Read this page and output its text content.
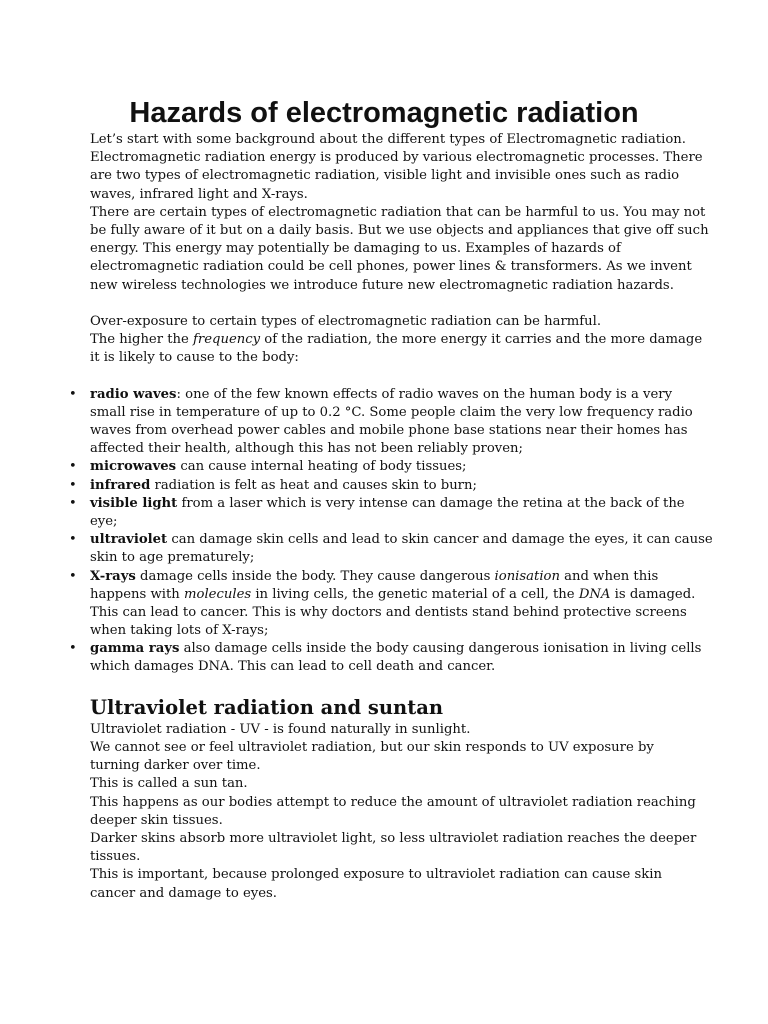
Hazards of electromagnetic radiation
Let’s start with some background about the different types of Electromagnetic radiation.
Electromagnetic radiation energy is produced by various electromagnetic processes. There
are two types of electromagnetic radiation, visible light and invisible ones such as radio
waves, infrared light and X-rays.
There are certain types of electromagnetic radiation that can be harmful to us. You may not
be fully aware of it but on a daily basis. But we use objects and appliances that give off such
energy. This energy may potentially be damaging to us. Examples of hazards of
electromagnetic radiation could be cell phones, power lines & transformers. As we invent
new wireless technologies we introduce future new electromagnetic radiation hazards.
Over-exposure to certain types of electromagnetic radiation can be harmful.
The higher the frequency of the radiation, the more energy it carries and the more damage
it is likely to cause to the body:
• radio waves: one of the few known effects of radio waves on the human body is a very
small rise in temperature of up to 0.2 °C. Some people claim the very low frequency radio
waves from overhead power cables and mobile phone base stations near their homes has
affected their health, although this has not been reliably proven;
• microwaves can cause internal heating of body tissues;
• infrared radiation is felt as heat and causes skin to burn;
• visible light from a laser which is very intense can damage the retina at the back of the
eye;
• ultraviolet can damage skin cells and lead to skin cancer and damage the eyes, it can cause
skin to age prematurely;
• X-rays damage cells inside the body. They cause dangerous ionisation and when this
happens with molecules in living cells, the genetic material of a cell, the DNA is damaged.
This can lead to cancer. This is why doctors and dentists stand behind protective screens
when taking lots of X-rays;
• gamma rays also damage cells inside the body causing dangerous ionisation in living cells
which damages DNA. This can lead to cell death and cancer.
Ultraviolet radiation and suntan
Ultraviolet radiation - UV - is found naturally in sunlight.
We cannot see or feel ultraviolet radiation, but our skin responds to UV exposure by
turning darker over time.
This is called a sun tan.
This happens as our bodies attempt to reduce the amount of ultraviolet radiation reaching
deeper skin tissues.
Darker skins absorb more ultraviolet light, so less ultraviolet radiation reaches the deeper
tissues.
This is important, because prolonged exposure to ultraviolet radiation can cause skin
cancer and damage to eyes.
